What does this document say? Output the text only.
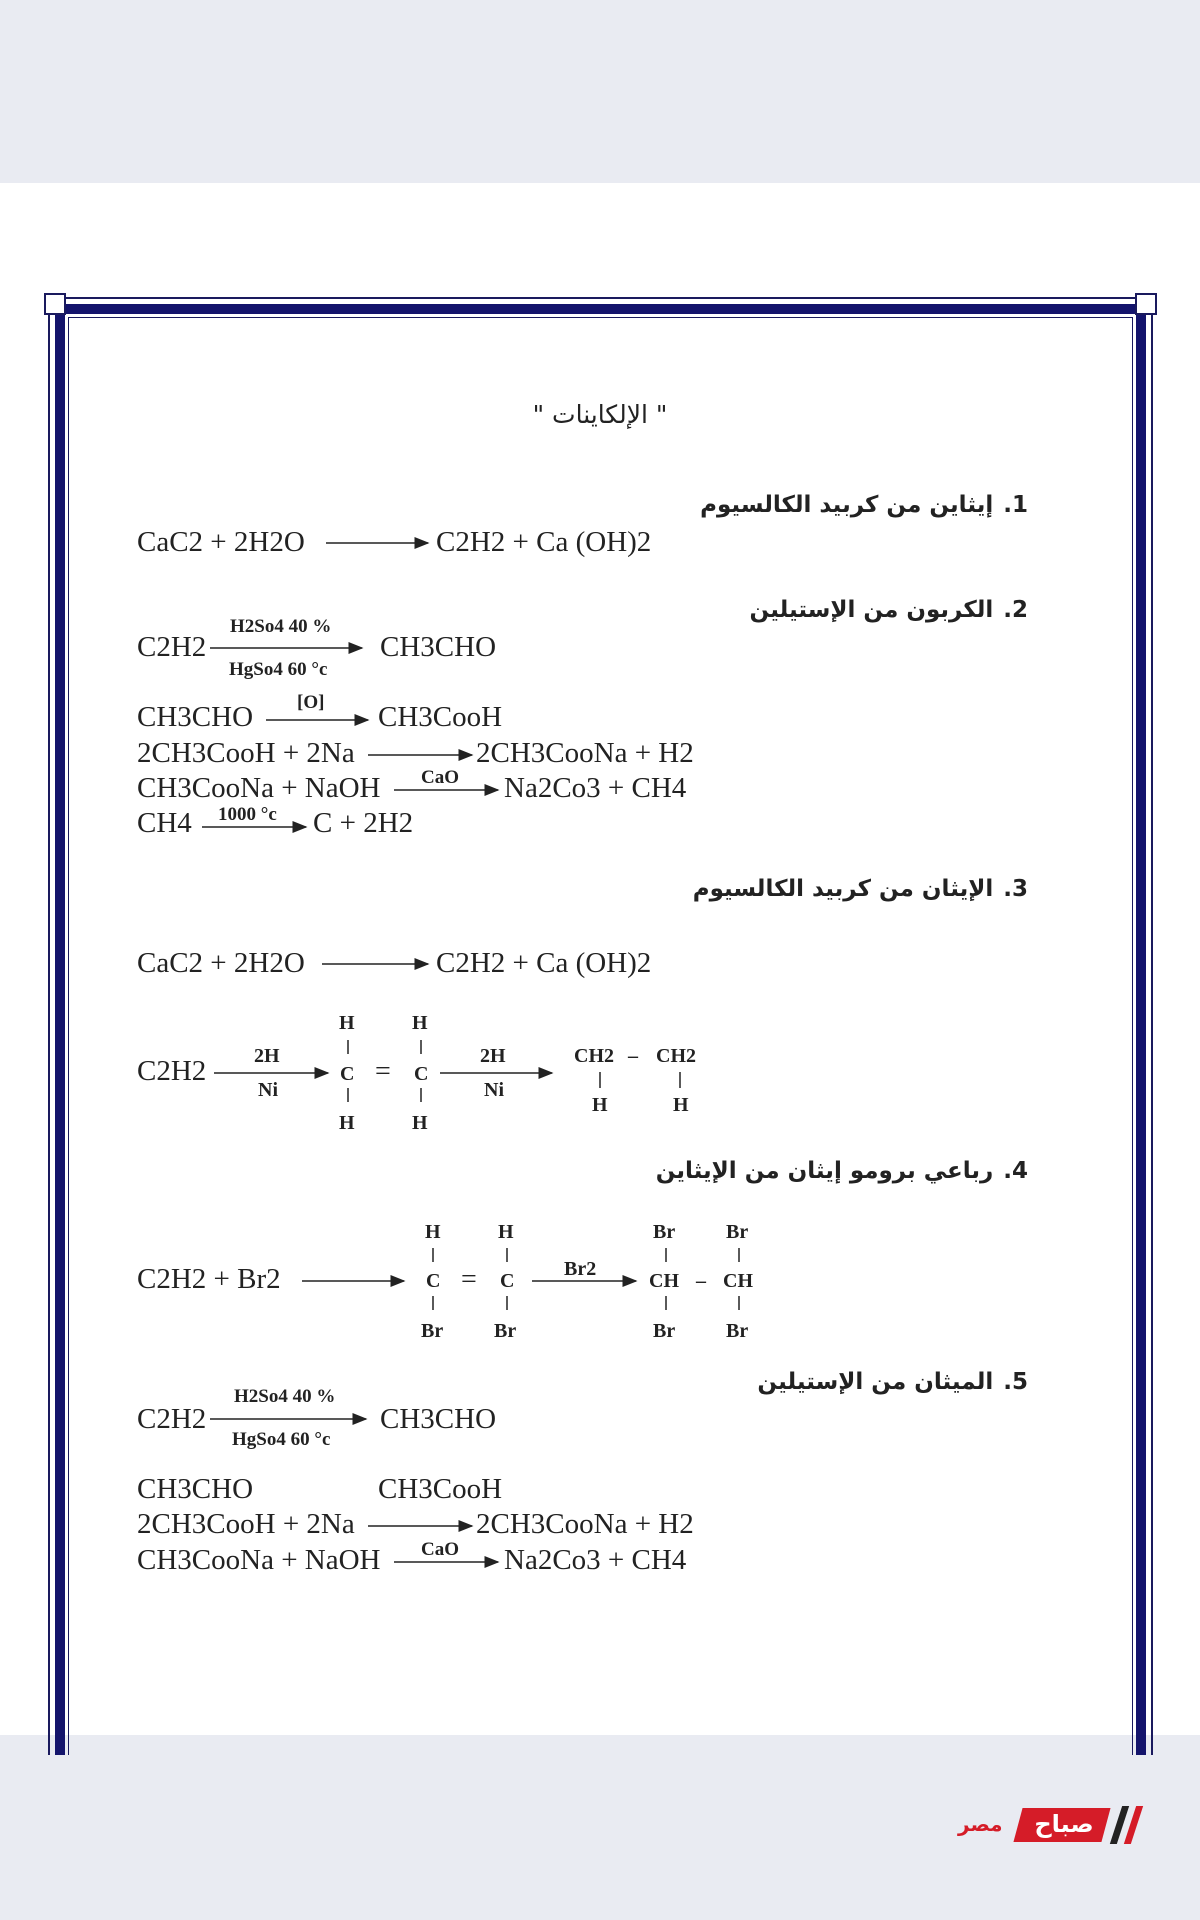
" الإلكاينات "
1.إيثاين من كربيد الكالسيوم
2.الكربون من الإستيلين
3.الإيثان من كربيد الكالسيوم
4.رباعي برومو إيثان من الإيثاين
5.الميثان من الإستيلين
CaC2 + 2H2O	C2H2 + Ca (OH)2
C2H2
H2So4 40 %
HgSo4 60 °c
CH3CHO
CH3CHO [O] CH3CooH
2CH3CooH + 2Na	2CH3CooNa + H2
CH3CooNa + NaOH CaO Na2Co3 + CH4
CH4 1000 °c C + 2H2
CaC2 + 2H2O	C2H2 + Ca (OH)2
C2H2 2H
Ni
H	H
C = C
H	H
2H
Ni
CH2 – CH2
H	H
C2H2 + Br2
H	H
C = C
Br	Br
Br2
Br	Br
CH – CH
Br	Br
C2H2
H2So4 40 %
HgSo4 60 °c
CH3CHO
CH3CHO	CH3CooH
2CH3CooH + 2Na	2CH3CooNa + H2
CH3CooNa + NaOH CaO Na2Co3 + CH4
مصر	صباح
